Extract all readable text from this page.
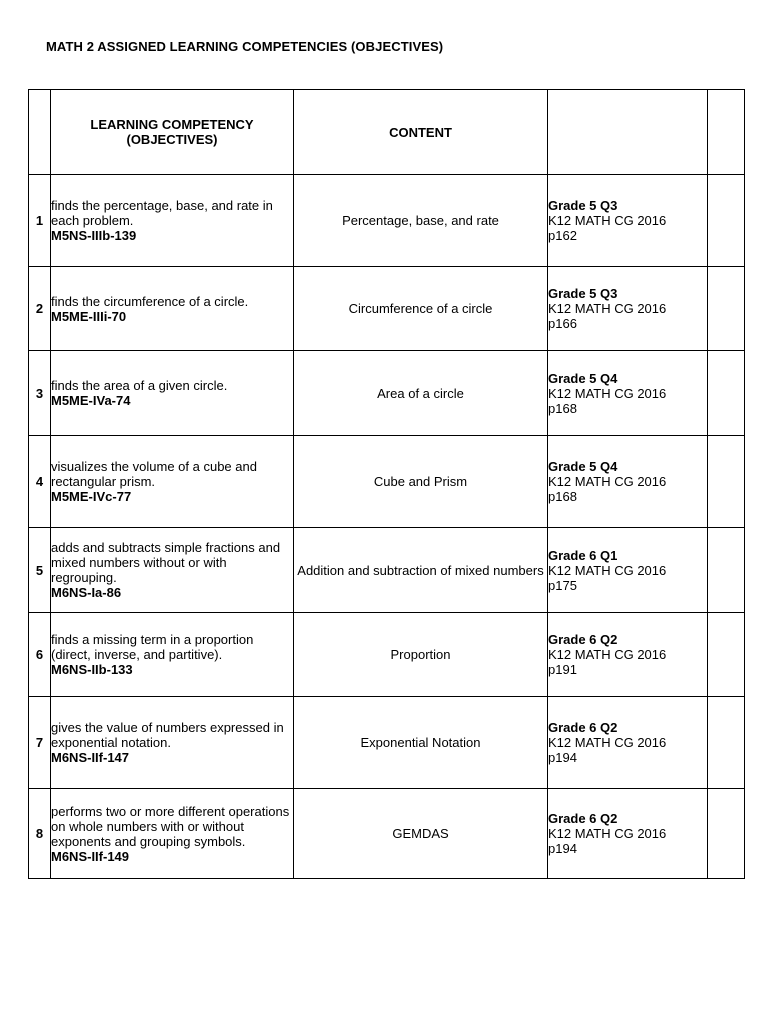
MATH 2 ASSIGNED LEARNING COMPETENCIES (OBJECTIVES)

	LEARNING COMPETENCY
(OBJECTIVES)	CONTENT		
1	finds the percentage, base, and rate in each problem.
M5NS-IIIb-139	Percentage, base, and rate	Grade 5 Q3
K12 MATH CG 2016
p162	

2	finds the circumference of a circle.
M5ME-IIIi-70	Circumference of a circle	Grade 5 Q3
K12 MATH CG 2016
p166	

3	finds the area of a given circle.
M5ME-IVa-74	Area of a circle	Grade 5 Q4
K12 MATH CG 2016
p168	

4	visualizes the volume of a cube and rectangular prism.
M5ME-IVc-77	Cube and Prism	Grade 5 Q4
K12 MATH CG 2016
p168	

5	adds and subtracts simple fractions and mixed numbers without or with regrouping.
M6NS-Ia-86	Addition and subtraction of mixed numbers	Grade 6 Q1
K12 MATH CG 2016
p175	

6	finds a missing term in a proportion (direct, inverse, and partitive).
M6NS-IIb-133	Proportion	Grade 6 Q2
K12 MATH CG 2016
p191	

7	gives the value of numbers expressed in exponential notation.
M6NS-IIf-147	Exponential Notation	Grade 6 Q2
K12 MATH CG 2016
p194	

8	performs two or more different operations on whole numbers with or without exponents and grouping symbols.
M6NS-IIf-149	GEMDAS	Grade 6 Q2
K12 MATH CG 2016
p194	
